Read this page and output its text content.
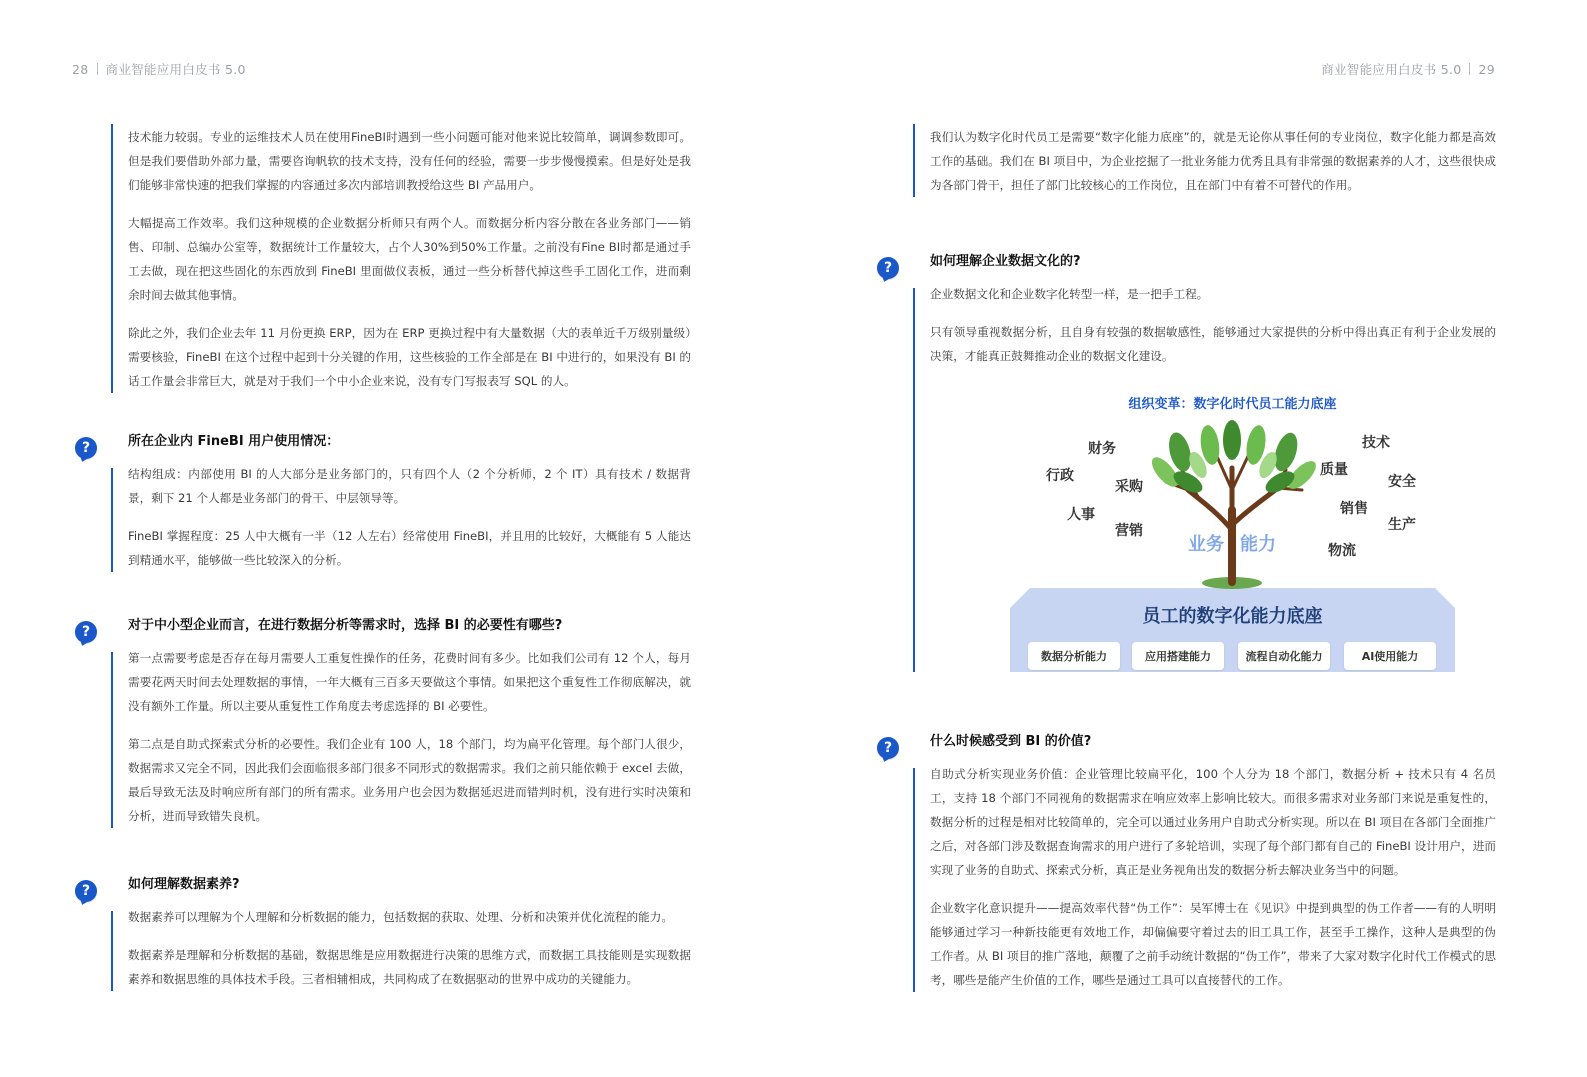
28 商业智能应用白皮书 5.0	商业智能应用白皮书 5.0 29

技术能力较弱。专业的运维技术人员在使用FineBI时遇到一些小问题可能对他来说比较简单，调调参数即可。但是我们要借助外部力量，需要咨询帆软的技术支持，没有任何的经验，需要一步步慢慢摸索。但是好处是我们能够非常快速的把我们掌握的内容通过多次内部培训教授给这些 BI 产品用户。

大幅提高工作效率。我们这种规模的企业数据分析师只有两个人。而数据分析内容分散在各业务部门——销售、印制、总编办公室等，数据统计工作量较大，占个人30%到50%工作量。之前没有Fine BI时都是通过手工去做，现在把这些固化的东西放到 FineBI 里面做仪表板，通过一些分析替代掉这些手工固化工作，进而剩余时间去做其他事情。

除此之外，我们企业去年 11 月份更换 ERP，因为在 ERP 更换过程中有大量数据（大的表单近千万级别量级）需要核验，FineBI 在这个过程中起到十分关键的作用，这些核验的工作全部是在 BI 中进行的，如果没有 BI 的话工作量会非常巨大，就是对于我们一个中小企业来说，没有专门写报表写 SQL 的人。

?	所在企业内 FineBI 用户使用情况：

结构组成：内部使用 BI 的人大部分是业务部门的，只有四个人（2 个分析师，2 个 IT）具有技术 / 数据背景，剩下 21 个人都是业务部门的骨干、中层领导等。

FineBI 掌握程度：25 人中大概有一半（12 人左右）经常使用 FineBI，并且用的比较好，大概能有 5 人能达到精通水平，能够做一些比较深入的分析。

?	对于中小型企业而言，在进行数据分析等需求时，选择 BI 的必要性有哪些?

第一点需要考虑是否存在每月需要人工重复性操作的任务，花费时间有多少。比如我们公司有 12 个人，每月需要花两天时间去处理数据的事情，一年大概有三百多天要做这个事情。如果把这个重复性工作彻底解决，就没有额外工作量。所以主要从重复性工作角度去考虑选择的 BI 必要性。

第二点是自助式探索式分析的必要性。我们企业有 100 人，18 个部门，均为扁平化管理。每个部门人很少，数据需求又完全不同，因此我们会面临很多部门很多不同形式的数据需求。我们之前只能依赖于 excel 去做，最后导致无法及时响应所有部门的所有需求。业务用户也会因为数据延迟进而错判时机，没有进行实时决策和分析，进而导致错失良机。

?	如何理解数据素养?

数据素养可以理解为个人理解和分析数据的能力，包括数据的获取、处理、分析和决策并优化流程的能力。

数据素养是理解和分析数据的基础，数据思维是应用数据进行决策的思维方式，而数据工具技能则是实现数据素养和数据思维的具体技术手段。三者相辅相成，共同构成了在数据驱动的世界中成功的关键能力。

我们认为数字化时代员工是需要“数字化能力底座”的，就是无论你从事任何的专业岗位，数字化能力都是高效工作的基础。我们在 BI 项目中，为企业挖掘了一批业务能力优秀且具有非常强的数据素养的人才，这些很快成为各部门骨干，担任了部门比较核心的工作岗位，且在部门中有着不可替代的作用。

?	如何理解企业数据文化的?

企业数据文化和企业数字化转型一样，是一把手工程。

只有领导重视数据分析，且自身有较强的数据敏感性，能够通过大家提供的分析中得出真正有利于企业发展的决策，才能真正鼓舞推动企业的数据文化建设。

组织变革：数字化时代员工能力底座
财务
行政
采购
人事
营销
技术
质量
安全
销售
生产
物流
业务 能力
员工的数字化能力底座
数据分析能力	应用搭建能力	流程自动化能力	AI使用能力
?	什么时候感受到 BI 的价值?

自助式分析实现业务价值：企业管理比较扁平化，100 个人分为 18 个部门，数据分析 + 技术只有 4 名员工，支持 18 个部门不同视角的数据需求在响应效率上影响比较大。而很多需求对业务部门来说是重复性的，数据分析的过程是相对比较简单的，完全可以通过业务用户自助式分析实现。所以在 BI 项目在各部门全面推广之后，对各部门涉及数据查询需求的用户进行了多轮培训，实现了每个部门都有自己的 FineBI 设计用户，进而实现了业务的自助式、探索式分析，真正是业务视角出发的数据分析去解决业务当中的问题。

企业数字化意识提升——提高效率代替“伪工作”：吴军博士在《见识》中提到典型的伪工作者——有的人明明能够通过学习一种新技能更有效地工作，却偏偏要守着过去的旧工具工作，甚至手工操作，这种人是典型的伪工作者。从 BI 项目的推广落地，颠覆了之前手动统计数据的“伪工作”，带来了大家对数字化时代工作模式的思考，哪些是能产生价值的工作，哪些是通过工具可以直接替代的工作。
